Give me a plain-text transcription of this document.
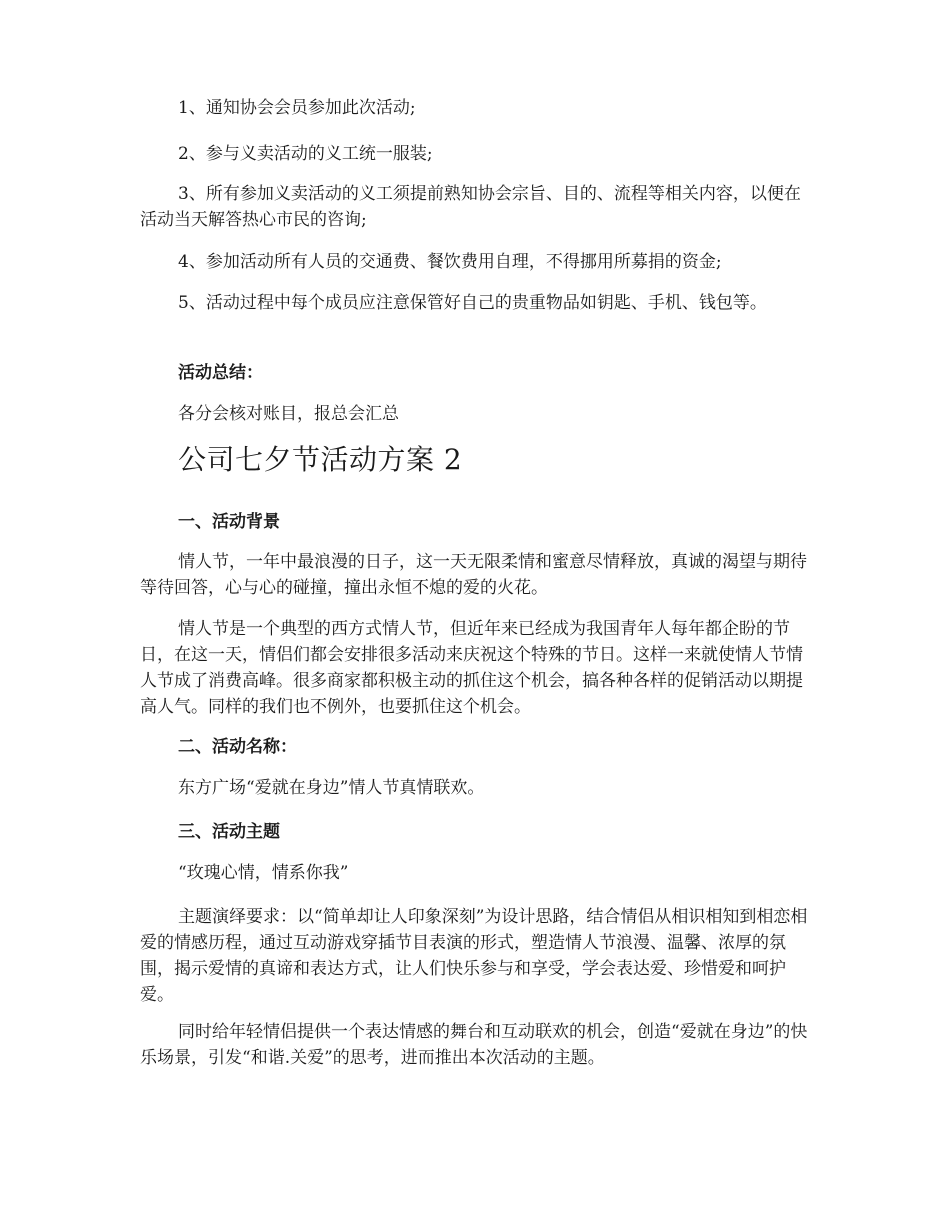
1、通知协会会员参加此次活动;

2、参与义卖活动的义工统一服装;

3、所有参加义卖活动的义工须提前熟知协会宗旨、目的、流程等相关内容，以便在活动当天解答热心市民的咨询;

4、参加活动所有人员的交通费、餐饮费用自理，不得挪用所募捐的资金;

5、活动过程中每个成员应注意保管好自己的贵重物品如钥匙、手机、钱包等。

活动总结：

各分会核对账目，报总会汇总

公司七夕节活动方案 2

一、活动背景

情人节，一年中最浪漫的日子，这一天无限柔情和蜜意尽情释放，真诚的渴望与期待等待回答，心与心的碰撞，撞出永恒不熄的爱的火花。

情人节是一个典型的西方式情人节，但近年来已经成为我国青年人每年都企盼的节日，在这一天，情侣们都会安排很多活动来庆祝这个特殊的节日。这样一来就使情人节情人节成了消费高峰。很多商家都积极主动的抓住这个机会，搞各种各样的促销活动以期提高人气。同样的我们也不例外，也要抓住这个机会。

二、活动名称：

东方广场“爱就在身边”情人节真情联欢。

三、活动主题

“玫瑰心情，情系你我”

主题演绎要求：以“简单却让人印象深刻”为设计思路，结合情侣从相识相知到相恋相爱的情感历程，通过互动游戏穿插节目表演的形式，塑造情人节浪漫、温馨、浓厚的氛围，揭示爱情的真谛和表达方式，让人们快乐参与和享受，学会表达爱、珍惜爱和呵护爱。

同时给年轻情侣提供一个表达情感的舞台和互动联欢的机会，创造“爱就在身边”的快乐场景，引发“和谐.关爱”的思考，进而推出本次活动的主题。
